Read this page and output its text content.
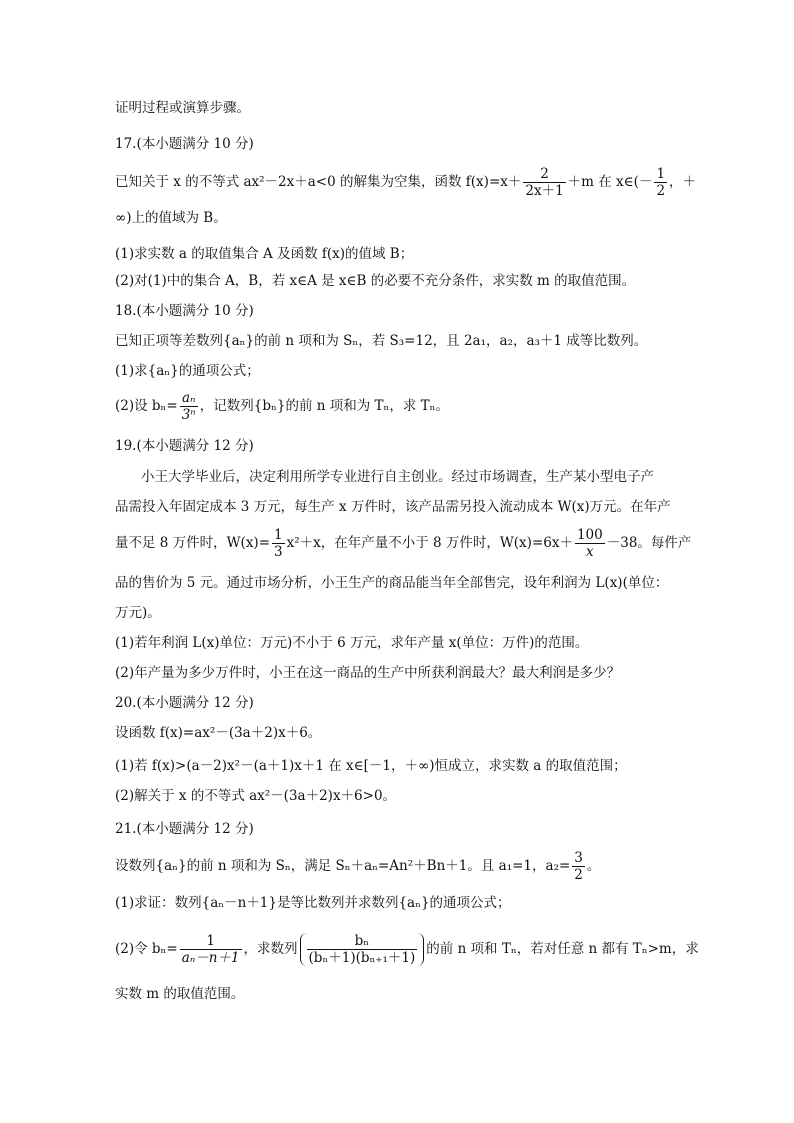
证明过程或演算步骤。
17.(本小题满分 10 分)
已知关于 x 的不等式 ax²－2x＋a<0 的解集为空集，函数 $f(x)=x+ \frac{2}{2x+1} +m$ 在 x∈(－ $\frac{1}{2}$ ，＋
∞)上的值域为 B。
(1)求实数 a 的取值集合 A 及函数 f(x)的值域 B；
(2)对(1)中的集合 A，B，若 x∈A 是 x∈B 的必要不充分条件，求实数 m 的取值范围。
18.(本小题满分 10 分)
已知正项等差数列{aₙ}的前 n 项和为 Sₙ，若 S₃=12，且 2a₁，a₂，a₃＋1 成等比数列。
(1)求{aₙ}的通项公式；
(2)设 $b_n= \frac{\text{aₙ}}{\text{3ⁿ}}$ ，记数列{bₙ}的前 n 项和为 Tₙ，求 Tₙ。
19.(本小题满分 12 分)
小王大学毕业后，决定利用所学专业进行自主创业。经过市场调查，生产某小型电子产
品需投入年固定成本 3 万元，每生产 x 万件时，该产品需另投入流动成本 W(x)万元。在年产
量不足 8 万件时，$W(x)= \frac{1}{3} x^2+x$，在年产量不小于 8 万件时，$W(x)=6x+ \frac{100}{x} -38$。每件产
品的售价为 5 元。通过市场分析，小王生产的商品能当年全部售完，设年利润为 L(x)(单位：
万元)。
(1)若年利润 L(x)单位：万元)不小于 6 万元，求年产量 x(单位：万件)的范围。
(2)年产量为多少万件时，小王在这一商品的生产中所获利润最大？最大利润是多少？
20.(本小题满分 12 分)
设函数 f(x)=ax²－(3a＋2)x＋6。
(1)若 f(x)>(a－2)x²－(a＋1)x＋1 在 x∈[－1，＋∞)恒成立，求实数 a 的取值范围；
(2)解关于 x 的不等式 ax²－(3a＋2)x＋6>0。
21.(本小题满分 12 分)
设数列{aₙ}的前 n 项和为 Sₙ，满足 Sₙ＋aₙ=An²＋Bn＋1。且 a₁=1，$a_2= \frac{3}{2}$ 。
(1)求证：数列{aₙ－n＋1}是等比数列并求数列{aₙ}的通项公式；
(2)令 $b_n= \frac{1}{\text{aₙ－n＋1}}$ ，求数列 $\frac{\text{bₙ}}{\text{(bₙ＋1)(bₙ₊₁＋1)}}$ 的前 n 项和 Tₙ，若对任意 n 都有 Tₙ>m，求
实数 m 的取值范围。
